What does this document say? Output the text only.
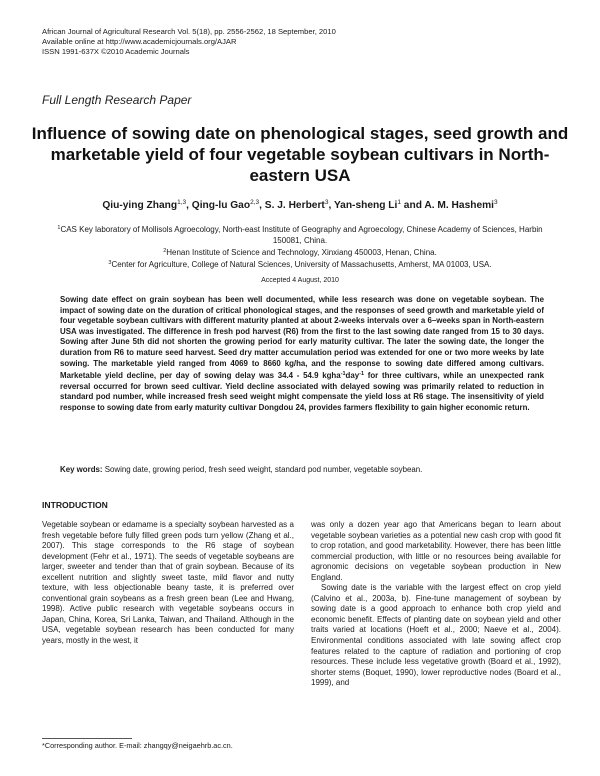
African Journal of Agricultural Research Vol. 5(18), pp. 2556-2562, 18 September, 2010
Available online at http://www.academicjournals.org/AJAR
ISSN 1991-637X ©2010 Academic Journals
Full Length Research Paper
Influence of sowing date on phenological stages, seed growth and marketable yield of four vegetable soybean cultivars in North-eastern USA
Qiu-ying Zhang$^{1,3}$, Qing-lu Gao$^{2,3}$, S. J. Herbert$^3$, Yan-sheng Li$^1$ and A. M. Hashemi$^3$
$^1$CAS Key laboratory of Mollisols Agroecology, North-east Institute of Geography and Agroecology, Chinese Academy of Sciences, Harbin 150081, China.
$^2$Henan Institute of Science and Technology, Xinxiang 450003, Henan, China.
$^3$Center for Agriculture, College of Natural Sciences, University of Massachusetts, Amherst, MA 01003, USA.
Accepted 4 August, 2010
Sowing date effect on grain soybean has been well documented, while less research was done on vegetable soybean. The impact of sowing date on the duration of critical phonological stages, and the responses of seed growth and marketable yield of four vegetable soybean cultivars with different maturity planted at about 2-weeks intervals over a 6–weeks span in North-eastern USA was investigated. The difference in fresh pod harvest (R6) from the first to the last sowing date ranged from 15 to 30 days. Sowing after June 5th did not shorten the growing period for early maturity cultivar. The later the sowing date, the longer the duration from R6 to mature seed harvest. Seed dry matter accumulation period was extended for one or two more weeks by late sowing. The marketable yield ranged from 4069 to 8660 kg/ha, and the response to sowing date differed among cultivars. Marketable yield decline, per day of sowing delay was 34.4 - 54.9 kgha$^{-1}$day$^{-1}$ for three cultivars, while an unexpected rank reversal occurred for brown seed cultivar. Yield decline associated with delayed sowing was primarily related to reduction in standard pod number, while increased fresh seed weight might compensate the yield loss at R6 stage. The insensitivity of yield response to sowing date from early maturity cultivar Dongdou 24, provides farmers flexibility to gain higher economic return.
Key words: Sowing date, growing period, fresh seed weight, standard pod number, vegetable soybean.
INTRODUCTION

Vegetable soybean or edamame is a specialty soybean harvested as a fresh vegetable before fully filled green pods turn yellow (Zhang et al., 2007). This stage corresponds to the R6 stage of soybean development (Fehr et al., 1971). The seeds of vegetable soybeans are larger, sweeter and tender than that of grain soybean. Because of its excellent nutrition and slightly sweet taste, mild flavor and nutty texture, with less objectionable beany taste, it is preferred over conventional grain soybeans as a fresh green bean (Lee and Hwang, 1998). Active public research with vegetable soybeans occurs in Japan, China, Korea, Sri Lanka, Taiwan, and Thailand. Although in the USA, vegetable soybean research has been conducted for many years, mostly in the west, it

was only a dozen year ago that Americans began to learn about vegetable soybean varieties as a potential new cash crop with good fit to crop rotation, and good marketability. However, there has been little commercial production, with little or no resources being available for agronomic decisions on vegetable soybean production in New England.

Sowing date is the variable with the largest effect on crop yield (Calvino et al., 2003a, b). Fine-tune management of soybean by sowing date is a good approach to enhance both crop yield and economic benefit. Effects of planting date on soybean yield and other traits varied at locations (Hoeft et al., 2000; Naeve et al., 2004). Environmental conditions associated with late sowing affect crop features related to the capture of radiation and portioning of crop resources. These include less vegetative growth (Board et al., 1992), shorter stems (Boquet, 1990), lower reproductive nodes (Board et al., 1999), and

*Corresponding author. E-mail: zhangqy@neigaehrb.ac.cn.
